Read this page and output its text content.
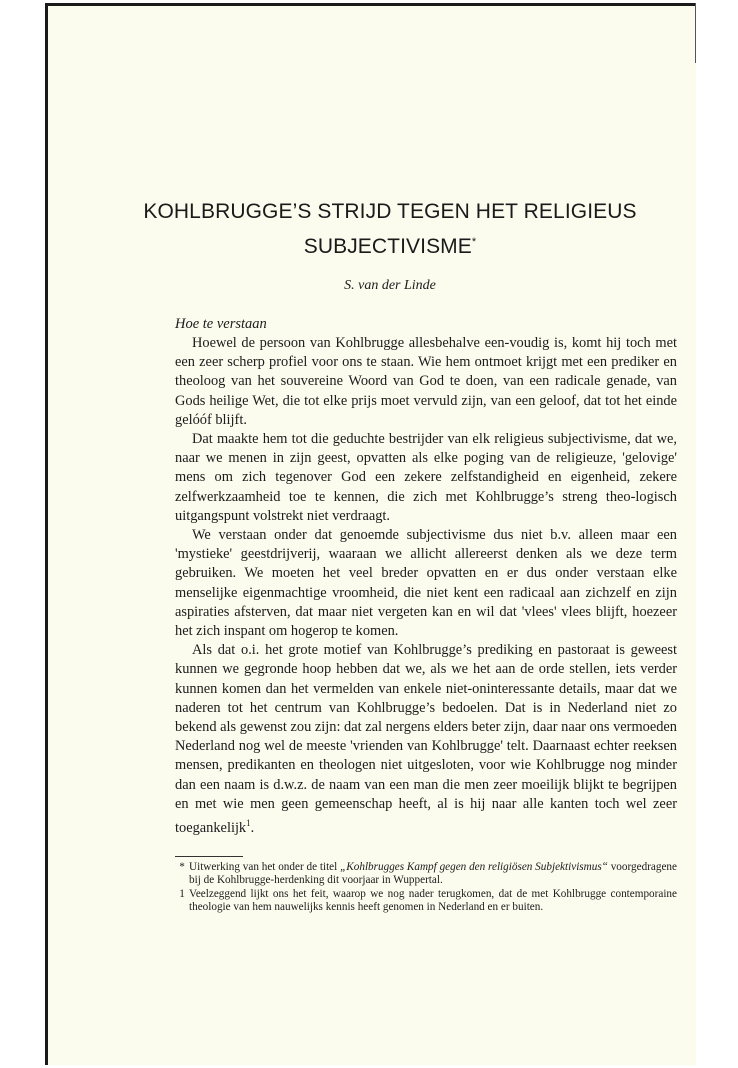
KOHLBRUGGE’S STRIJD TEGEN HET RELIGIEUS
SUBJECTIVISME*
S. van der Linde
Hoe te verstaan

Hoewel de persoon van Kohlbrugge allesbehalve een-voudig is, komt hij toch met een zeer scherp profiel voor ons te staan. Wie hem ontmoet krijgt met een prediker en theoloog van het souvereine Woord van God te doen, van een radicale genade, van Gods heilige Wet, die tot elke prijs moet vervuld zijn, van een geloof, dat tot het einde gelóóf blijft.

Dat maakte hem tot die geduchte bestrijder van elk religieus subjectivisme, dat we, naar we menen in zijn geest, opvatten als elke poging van de religieuze, 'gelovige' mens om zich tegenover God een zekere zelfstandigheid en eigenheid, zekere zelfwerkzaamheid toe te kennen, die zich met Kohlbrugge’s streng theo-logisch uitgangspunt volstrekt niet verdraagt.

We verstaan onder dat genoemde subjectivisme dus niet b.v. alleen maar een 'mystieke' geestdrijverij, waaraan we allicht allereerst denken als we deze term gebruiken. We moeten het veel breder opvatten en er dus onder verstaan elke menselijke eigenmachtige vroomheid, die niet kent een radicaal aan zichzelf en zijn aspiraties afsterven, dat maar niet vergeten kan en wil dat 'vlees' vlees blijft, hoezeer het zich inspant om hogerop te komen.

Als dat o.i. het grote motief van Kohlbrugge’s prediking en pastoraat is geweest kunnen we gegronde hoop hebben dat we, als we het aan de orde stellen, iets verder kunnen komen dan het vermelden van enkele niet-oninteressante details, maar dat we naderen tot het centrum van Kohlbrugge’s bedoelen. Dat is in Nederland niet zo bekend als gewenst zou zijn: dat zal nergens elders beter zijn, daar naar ons vermoeden Nederland nog wel de meeste 'vrienden van Kohlbrugge' telt. Daarnaast echter reeksen mensen, predikanten en theologen niet uitgesloten, voor wie Kohlbrugge nog minder dan een naam is d.w.z. de naam van een man die men zeer moeilijk blijkt te begrijpen en met wie men geen gemeenschap heeft, al is hij naar alle kanten toch wel zeer toegankelijk$^1$.

* Uitwerking van het onder de titel „Kohlbrugges Kampf gegen den religiösen Subjektivismus“ voorgedragene bij de Kohlbrugge-herdenking dit voorjaar in Wuppertal.
1 Veelzeggend lijkt ons het feit, waarop we nog nader terugkomen, dat de met Kohlbrugge contemporaine theologie van hem nauwelijks kennis heeft genomen in Nederland en er buiten.
